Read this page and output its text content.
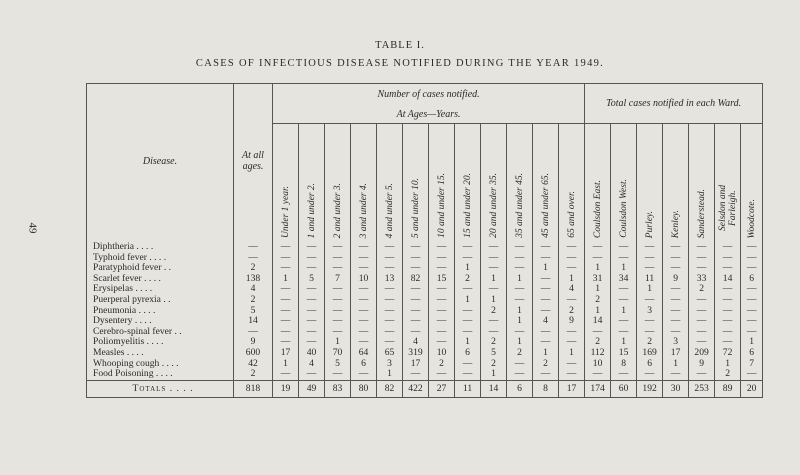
49
TABLE I.
CASES OF INFECTIOUS DISEASE NOTIFIED DURING THE YEAR 1949.
Disease.	At all ages.	Number of cases notified.												Total cases notified in each Ward.						
		At Ages—Years.																		

		Under 1 year.	1 and under 2.	2 and under 3.	3 and under 4.	4 and under 5.	5 and under 10.	10 and under 15.	15 and under 20.	20 and under 35.	35 and under 45.	45 and under 65.	65 and over.	Coulsdon East.	Coulsdon West.	Purley.	Kenley.	Sanderstead.	Selsdon and Farleigh.	Woodcote.

Diphtheria . . . .	—	—	—	—	—	—	—	—	—	—	—	—	—	—	—	—	—	—	—	—
Typhoid fever . . . .	—	—	—	—	—	—	—	—	—	—	—	—	—	—	—	—	—	—	—	—
Paratyphoid fever . .	2	—	—	—	—	—	—	—	1	—	—	1	—	1	1	—	—	—	—	—
Scarlet fever . . . .	138	1	5	7	10	13	82	15	2	1	1	—	1	31	34	11	9	33	14	6
Erysipelas . . . .	4	—	—	—	—	—	—	—	—	—	—	—	4	1	—	1	—	2	—	—
Puerperal pyrexia . .	2	—	—	—	—	—	—	—	1	1	—	—	—	2	—	—	—	—	—	—
Pneumonia . . . .	5	—	—	—	—	—	—	—	—	2	1	—	2	1	1	3	—	—	—	—
Dysentery . . . .	14	—	—	—	—	—	—	—	—	—	1	4	9	14	—	—	—	—	—	—
Cerebro-spinal fever . .	—	—	—	—	—	—	—	—	—	—	—	—	—	—	—	—	—	—	—	—
Poliomyelitis . . . .	9	—	—	1	—	—	4	—	1	2	1	—	—	2	1	2	3	—	—	1
Measles . . . .	600	17	40	70	64	65	319	10	6	5	2	1	1	112	15	169	17	209	72	6
Whooping cough . . . .	42	1	4	5	6	3	17	2	—	2	—	2	—	10	8	6	1	9	1	7
Food Poisoning . . . .	2	—	—	—	—	1	—	—	—	1	—	—	—	—	—	—	—	—	2	—
Totals . . . .	818	19	49	83	80	82	422	27	11	14	6	8	17	174	60	192	30	253	89	20
